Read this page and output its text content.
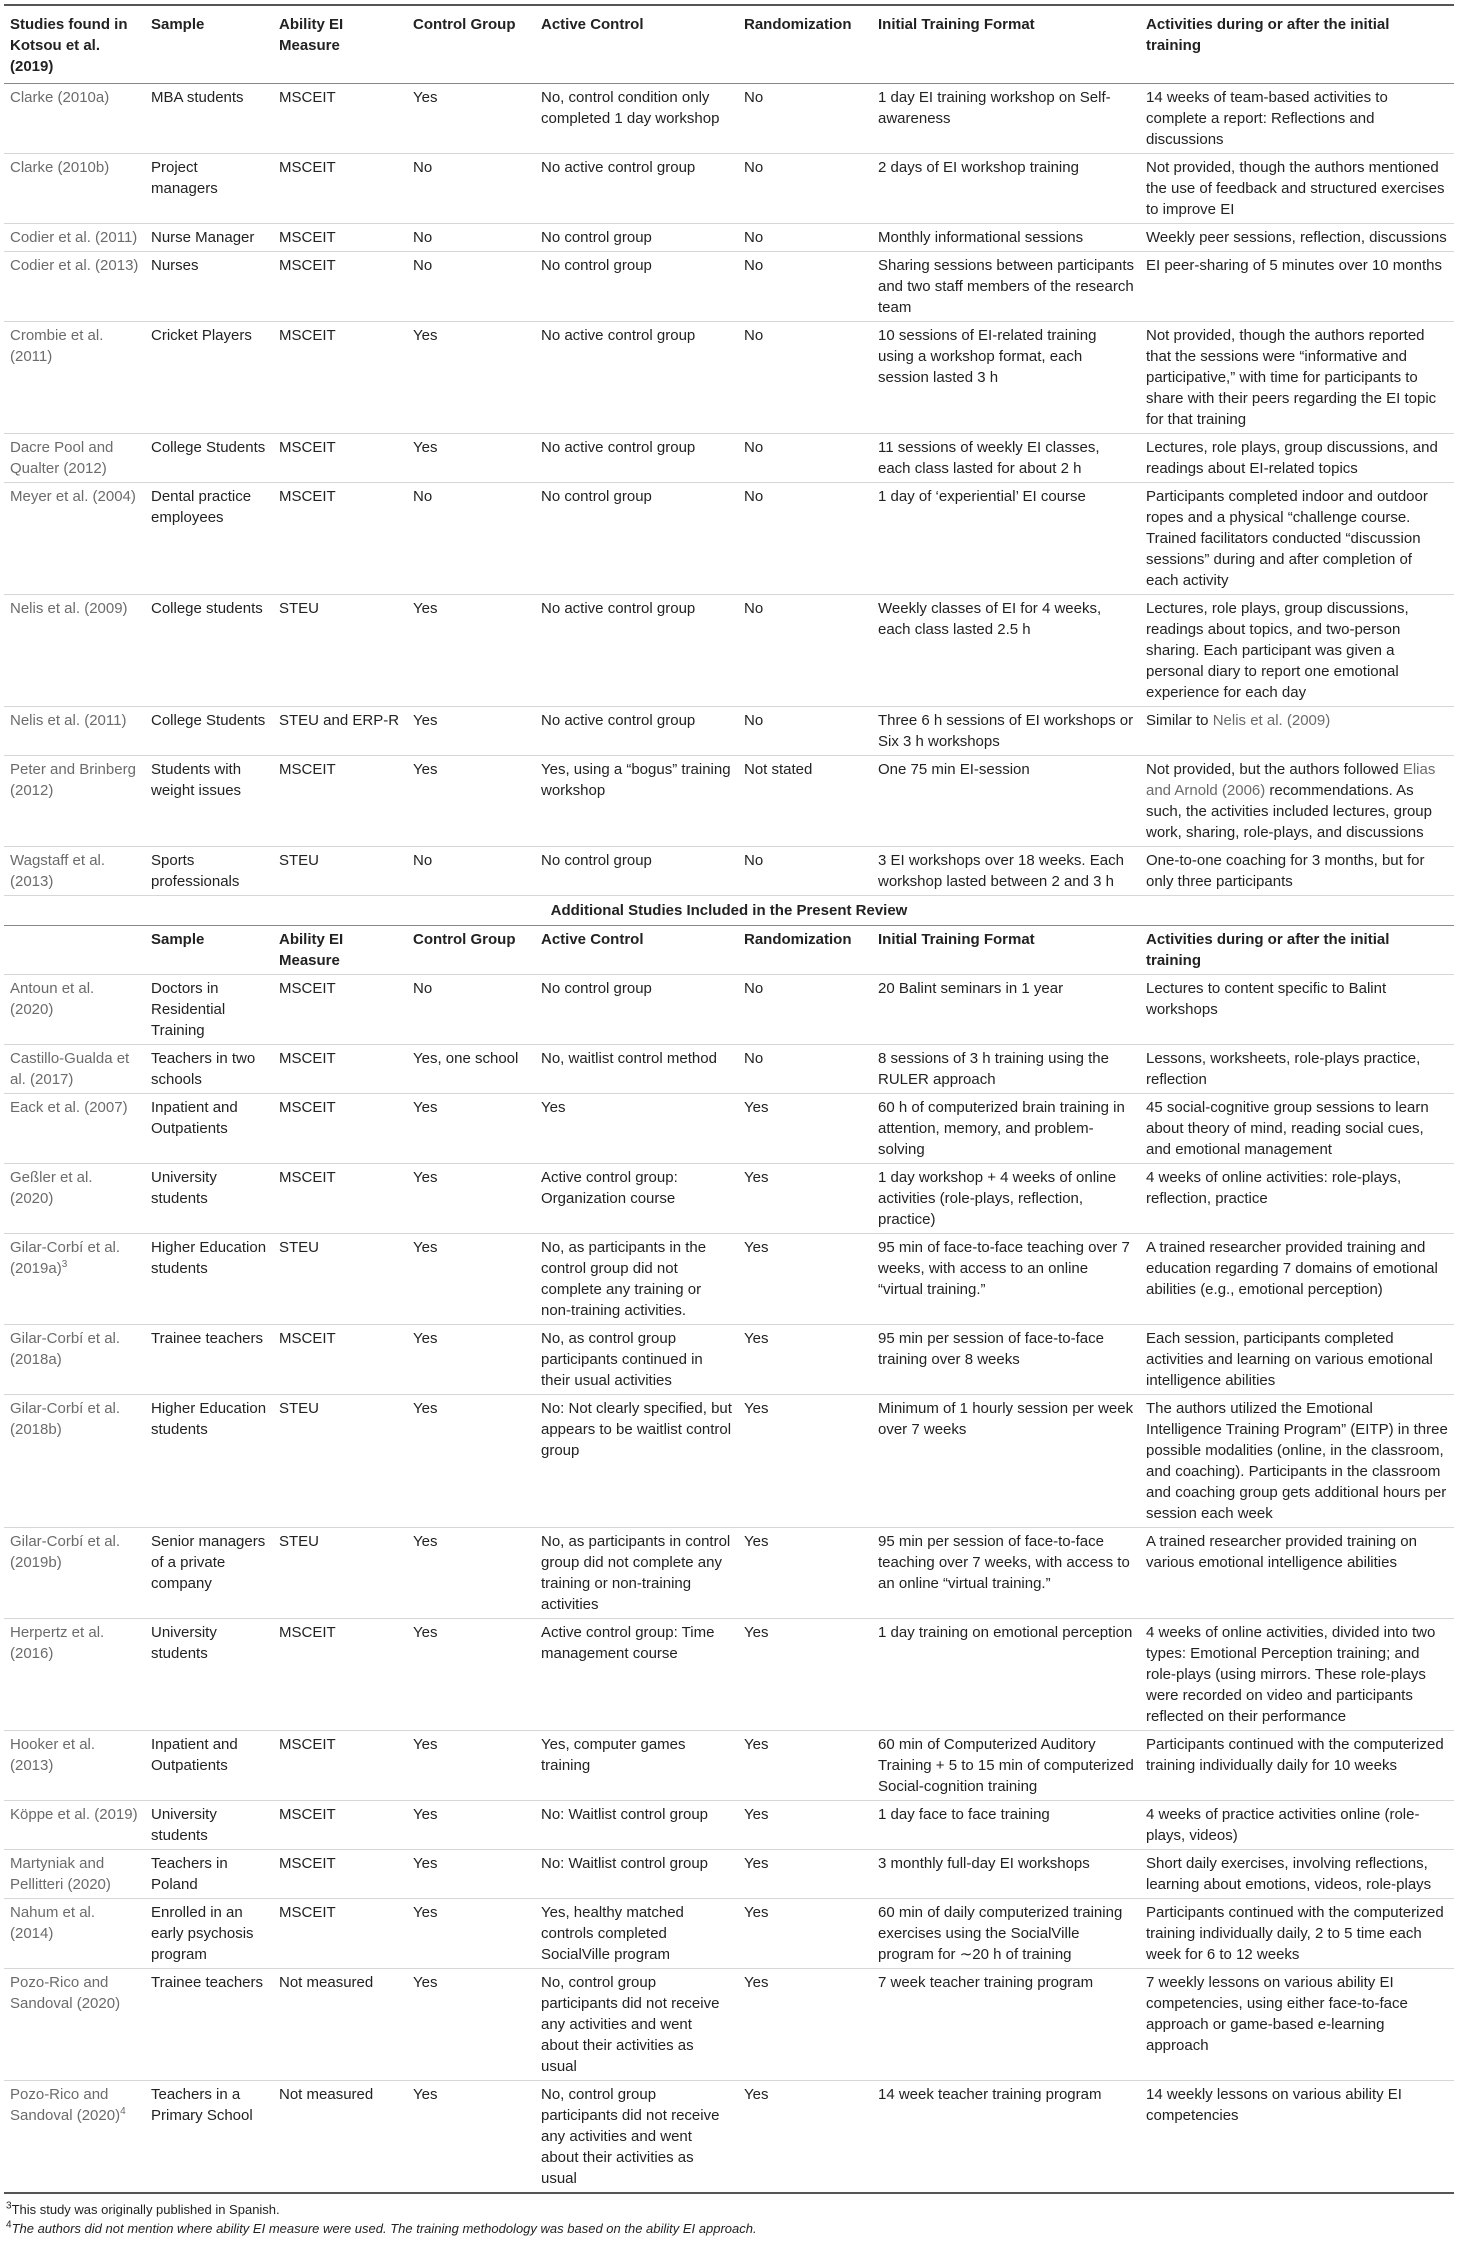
Studies found in Kotsou et al. (2019)	Sample	Ability EI Measure	Control Group	Active Control	Randomization	Initial Training Format	Activities during or after the initial training
Clarke (2010a)	MBA students	MSCEIT	Yes	No, control condition only completed 1 day workshop	No	1 day EI training workshop on Self-awareness	14 weeks of team-based activities to complete a report: Reflections and discussions
Clarke (2010b)	Project managers	MSCEIT	No	No active control group	No	2 days of EI workshop training	Not provided, though the authors mentioned the use of feedback and structured exercises to improve EI
Codier et al. (2011)	Nurse Manager	MSCEIT	No	No control group	No	Monthly informational sessions	Weekly peer sessions, reflection, discussions
Codier et al. (2013)	Nurses	MSCEIT	No	No control group	No	Sharing sessions between participants and two staff members of the research team	EI peer-sharing of 5 minutes over 10 months
Crombie et al. (2011)	Cricket Players	MSCEIT	Yes	No active control group	No	10 sessions of EI-related training using a workshop format, each session lasted 3 h	Not provided, though the authors reported that the sessions were “informative and participative,” with time for participants to share with their peers regarding the EI topic for that training
Dacre Pool and Qualter (2012)	College Students	MSCEIT	Yes	No active control group	No	11 sessions of weekly EI classes, each class lasted for about 2 h	Lectures, role plays, group discussions, and readings about EI-related topics
Meyer et al. (2004)	Dental practice employees	MSCEIT	No	No control group	No	1 day of ‘experiential’ EI course	Participants completed indoor and outdoor ropes and a physical “challenge course. Trained facilitators conducted “discussion sessions” during and after completion of each activity
Nelis et al. (2009)	College students	STEU	Yes	No active control group	No	Weekly classes of EI for 4 weeks, each class lasted 2.5 h	Lectures, role plays, group discussions, readings about topics, and two-person sharing. Each participant was given a personal diary to report one emotional experience for each day
Nelis et al. (2011)	College Students	STEU and ERP-R	Yes	No active control group	No	Three 6 h sessions of EI workshops or Six 3 h workshops	Similar to Nelis et al. (2009)
Peter and Brinberg (2012)	Students with weight issues	MSCEIT	Yes	Yes, using a “bogus” training workshop	Not stated	One 75 min EI-session	Not provided, but the authors followed Elias and Arnold (2006) recommendations. As such, the activities included lectures, group work, sharing, role-plays, and discussions
Wagstaff et al. (2013)	Sports professionals	STEU	No	No control group	No	3 EI workshops over 18 weeks. Each workshop lasted between 2 and 3 h	One-to-one coaching for 3 months, but for only three participants
Additional Studies Included in the Present Review							
	Sample	Ability EI Measure	Control Group	Active Control	Randomization	Initial Training Format	Activities during or after the initial training
Antoun et al. (2020)	Doctors in Residential Training	MSCEIT	No	No control group	No	20 Balint seminars in 1 year	Lectures to content specific to Balint workshops
Castillo-Gualda et al. (2017)	Teachers in two schools	MSCEIT	Yes, one school	No, waitlist control method	No	8 sessions of 3 h training using the RULER approach	Lessons, worksheets, role-plays practice, reflection
Eack et al. (2007)	Inpatient and Outpatients	MSCEIT	Yes	Yes	Yes	60 h of computerized brain training in attention, memory, and problem-solving	45 social-cognitive group sessions to learn about theory of mind, reading social cues, and emotional management
Geßler et al. (2020)	University students	MSCEIT	Yes	Active control group: Organization course	Yes	1 day workshop + 4 weeks of online activities (role-plays, reflection, practice)	4 weeks of online activities: role-plays, reflection, practice
Gilar-Corbí et al. $(2019a)^3$	Higher Education students	STEU	Yes	No, as participants in the control group did not complete any training or non-training activities.	Yes	95 min of face-to-face teaching over 7 weeks, with access to an online “virtual training.”	A trained researcher provided training and education regarding 7 domains of emotional abilities (e.g., emotional perception)
Gilar-Corbí et al. (2018a)	Trainee teachers	MSCEIT	Yes	No, as control group participants continued in their usual activities	Yes	95 min per session of face-to-face training over 8 weeks	Each session, participants completed activities and learning on various emotional intelligence abilities
Gilar-Corbí et al. (2018b)	Higher Education students	STEU	Yes	No: Not clearly specified, but appears to be waitlist control group	Yes	Minimum of 1 hourly session per week over 7 weeks	The authors utilized the Emotional Intelligence Training Program” (EITP) in three possible modalities (online, in the classroom, and coaching). Participants in the classroom and coaching group gets additional hours per session each week
Gilar-Corbí et al. (2019b)	Senior managers of a private company	STEU	Yes	No, as participants in control group did not complete any training or non-training activities	Yes	95 min per session of face-to-face teaching over 7 weeks, with access to an online “virtual training.”	A trained researcher provided training on various emotional intelligence abilities
Herpertz et al. (2016)	University students	MSCEIT	Yes	Active control group: Time management course	Yes	1 day training on emotional perception	4 weeks of online activities, divided into two types: Emotional Perception training; and role-plays (using mirrors. These role-plays were recorded on video and participants reflected on their performance
Hooker et al. (2013)	Inpatient and Outpatients	MSCEIT	Yes	Yes, computer games training	Yes	60 min of Computerized Auditory Training + 5 to 15 min of computerized Social-cognition training	Participants continued with the computerized training individually daily for 10 weeks
Köppe et al. (2019)	University students	MSCEIT	Yes	No: Waitlist control group	Yes	1 day face to face training	4 weeks of practice activities online (role-plays, videos)
Martyniak and Pellitteri (2020)	Teachers in Poland	MSCEIT	Yes	No: Waitlist control group	Yes	3 monthly full-day EI workshops	Short daily exercises, involving reflections, learning about emotions, videos, role-plays
Nahum et al. (2014)	Enrolled in an early psychosis program	MSCEIT	Yes	Yes, healthy matched controls completed SocialVille program	Yes	60 min of daily computerized training exercises using the SocialVille program for ∼20 h of training	Participants continued with the computerized training individually daily, 2 to 5 time each week for 6 to 12 weeks
Pozo-Rico and Sandoval (2020)	Trainee teachers	Not measured	Yes	No, control group participants did not receive any activities and went about their activities as usual	Yes	7 week teacher training program	7 weekly lessons on various ability EI competencies, using either face-to-face approach or game-based e-learning approach
Pozo-Rico and Sandoval $(2020)^4$	Teachers in a Primary School	Not measured	Yes	No, control group participants did not receive any activities and went about their activities as usual	Yes	14 week teacher training program	14 weekly lessons on various ability EI competencies
$^3$This study was originally published in Spanish.
$^4$The authors did not mention where ability EI measure were used. The training methodology was based on the ability EI approach.
